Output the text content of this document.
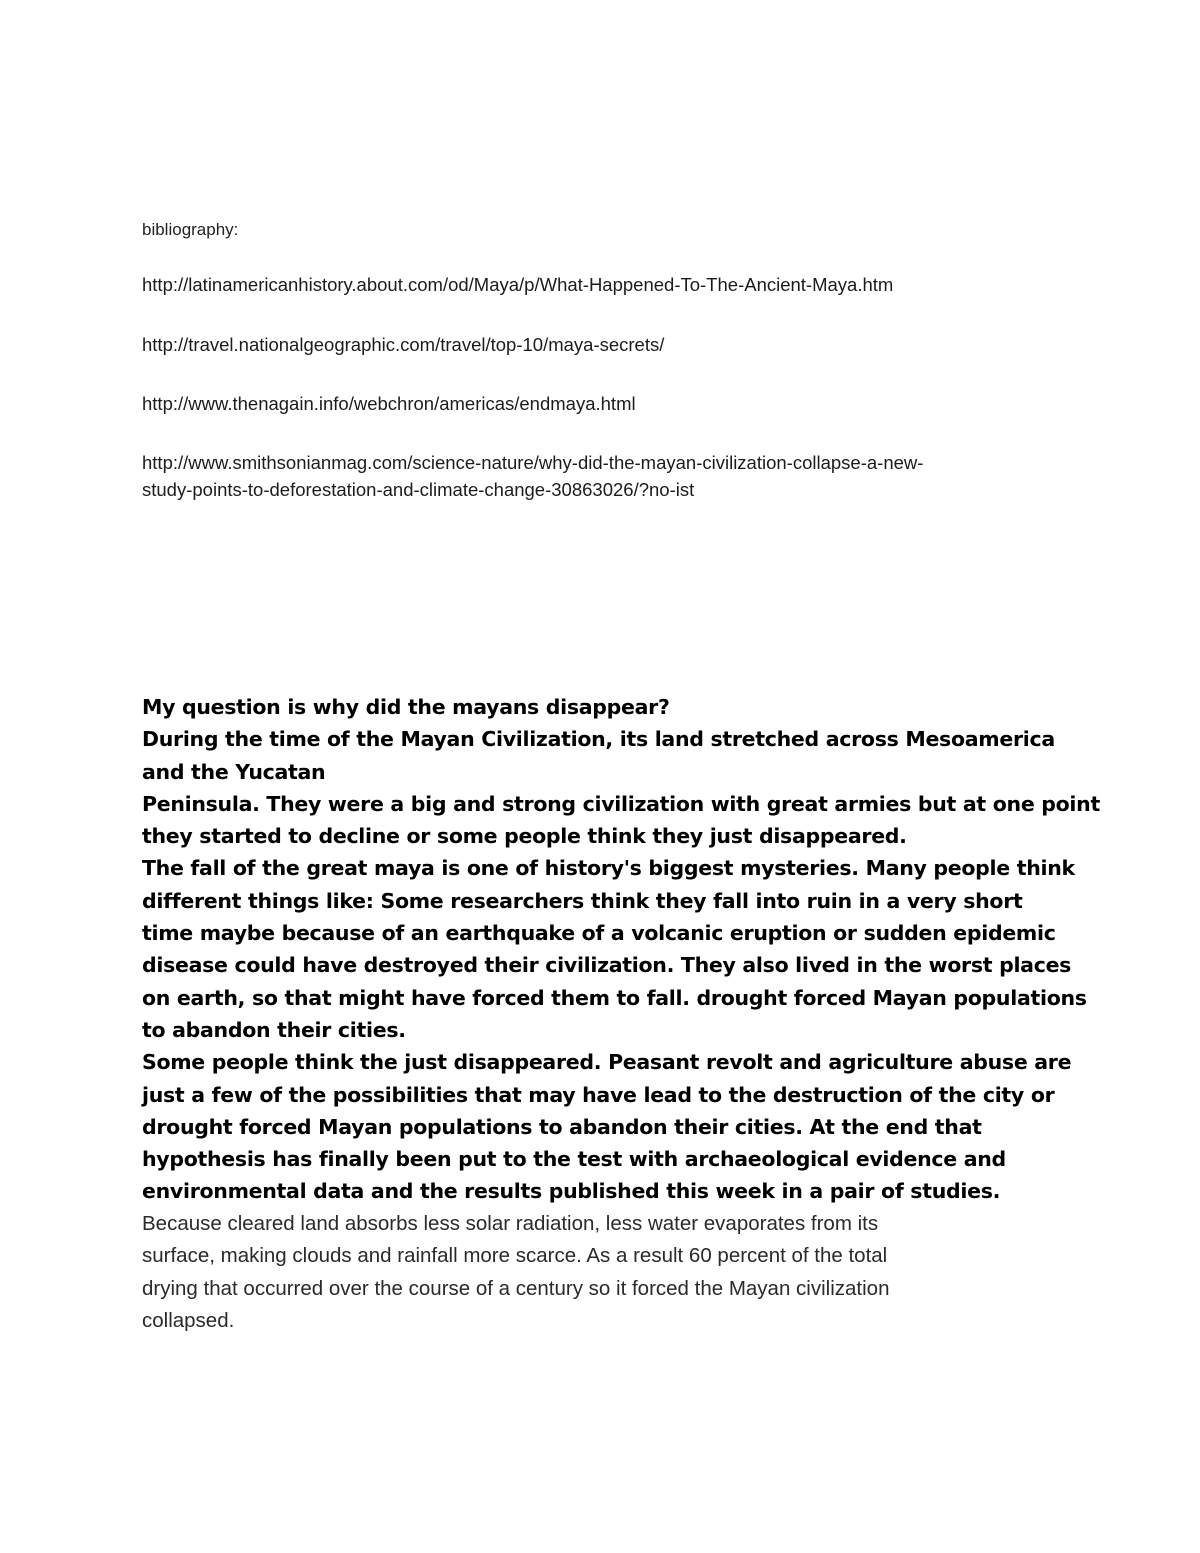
bibliography:
http://latinamericanhistory.about.com/od/Maya/p/What-Happened-To-The-Ancient-Maya.htm
http://travel.nationalgeographic.com/travel/top-10/maya-secrets/
http://www.thenagain.info/webchron/americas/endmaya.html
http://www.smithsonianmag.com/science-nature/why-did-the-mayan-civilization-collapse-a-new-
study-points-to-deforestation-and-climate-change-30863026/?no-ist
My question is why did the mayans disappear?
During the time of the Mayan Civilization, its land stretched across Mesoamerica
and the Yucatan
Peninsula. They were a big and strong civilization with great armies but at one point
they started to decline or some people think they just disappeared.
The fall of the great maya is one of history's biggest mysteries. Many people think
different things like: Some researchers think they fall into ruin in a very short
time maybe because of an earthquake of a volcanic eruption or sudden epidemic
disease could have destroyed their civilization. They also lived in the worst places
on earth, so that might have forced them to fall. drought forced Mayan populations
to abandon their cities.
Some people think the just disappeared. Peasant revolt and agriculture abuse are
just a few of the possibilities that may have lead to the destruction of the city or
drought forced Mayan populations to abandon their cities. At the end that
hypothesis has finally been put to the test with archaeological evidence and
environmental data and the results published this week in a pair of studies.
Because cleared land absorbs less solar radiation, less water evaporates from its
surface, making clouds and rainfall more scarce. As a result 60 percent of the total
drying that occurred over the course of a century so it forced the Mayan civilization
collapsed.
